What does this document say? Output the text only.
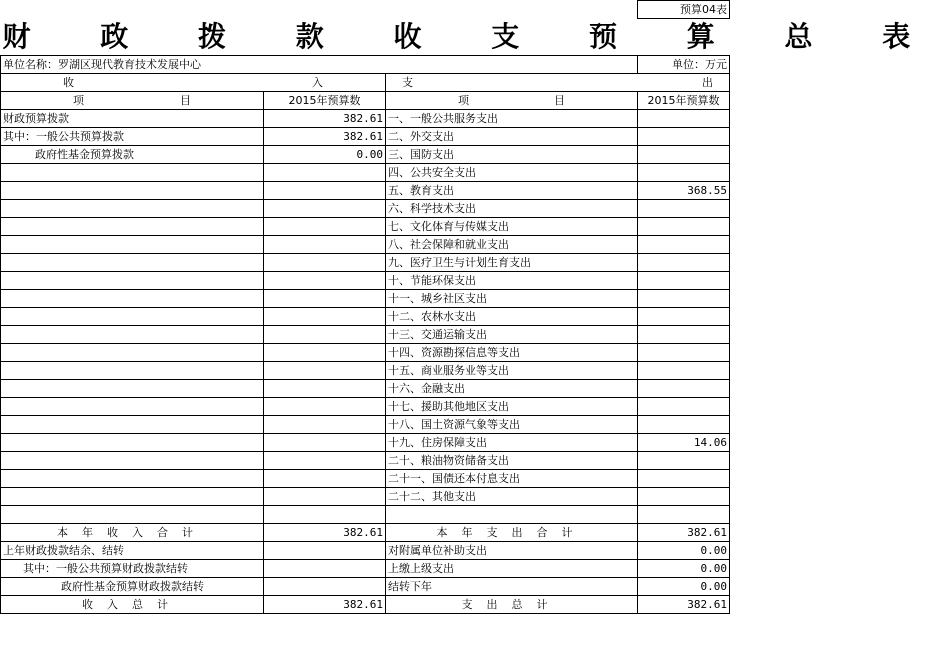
			预算04表
财 政 拨 款 收 支 预 算 总 表			
单位名称：罗湖区现代教育技术发展中心			单位：万元

收 入		支 出	

项 目	2015年预算数	项 目	2015年预算数
财政预算拨款	382.61	一、一般公共服务支出	
其中：一般公共预算拨款	382.61	二、外交支出	
政府性基金预算拨款	0.00	三、国防支出	
		四、公共安全支出	
		五、教育支出	368.55
		六、科学技术支出	
		七、文化体育与传媒支出	
		八、社会保障和就业支出	
		九、医疗卫生与计划生育支出	
		十、节能环保支出	
		十一、城乡社区支出	
		十二、农林水支出	
		十三、交通运输支出	
		十四、资源勘探信息等支出	
		十五、商业服务业等支出	
		十六、金融支出	
		十七、援助其他地区支出	
		十八、国土资源气象等支出	
		十九、住房保障支出	14.06
		二十、粮油物资储备支出	
		二十一、国债还本付息支出	
		二十二、其他支出	

本年收入合计	382.61	本年支出合计	382.61
上年财政拨款结余、结转		对附属单位补助支出	0.00
其中：一般公共预算财政拨款结转		上缴上级支出	0.00
政府性基金预算财政拨款结转		结转下年	0.00
收入总计	382.61	支出总计	382.61
